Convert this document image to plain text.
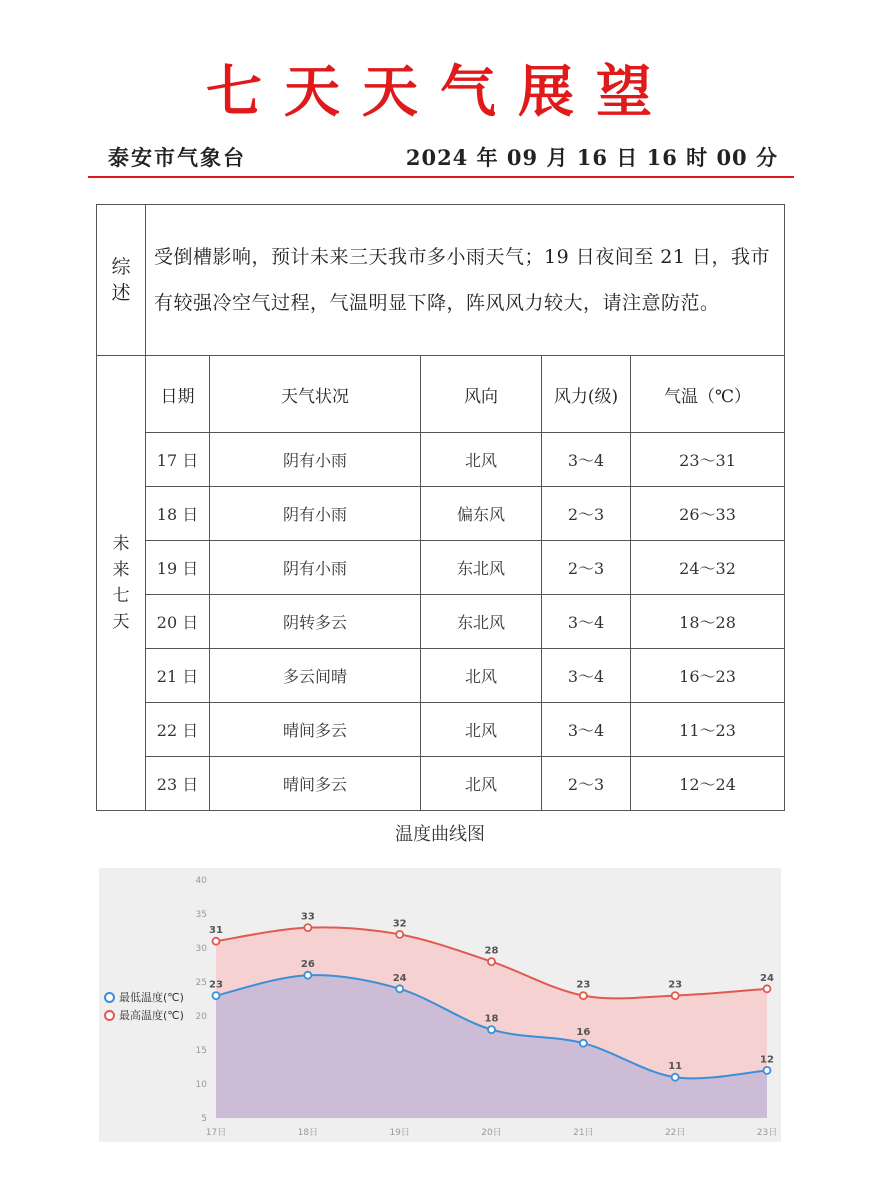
七天天气展望
泰安市气象台	2024 年 09 月 16 日 16 时 00 分
综
述	受倒槽影响，预计未来三天我市多小雨天气；19 日夜间至 21 日，我市有较强冷空气过程，气温明显下降，阵风风力较大，请注意防范。				

未
来
七
天	日期	天气状况	风向	风力(级)	气温（℃）
	17 日	阴有小雨	北风	3～4	23～31
	18 日	阴有小雨	偏东风	2～3	26～33
	19 日	阴有小雨	东北风	2～3	24～32
	20 日	阴转多云	东北风	3～4	18～28
	21 日	多云间晴	北风	3～4	16～23
	22 日	晴间多云	北风	3～4	11～23
	23 日	晴间多云	北风	2～3	12～24
温度曲线图
5
10
15
20
25
30
35
40
17日	18日	19日	20日	21日	22日	23日
23
26
24
18
16
11
12
31
33
32
28
23	23
24
最低温度(℃)
最高温度(℃)
